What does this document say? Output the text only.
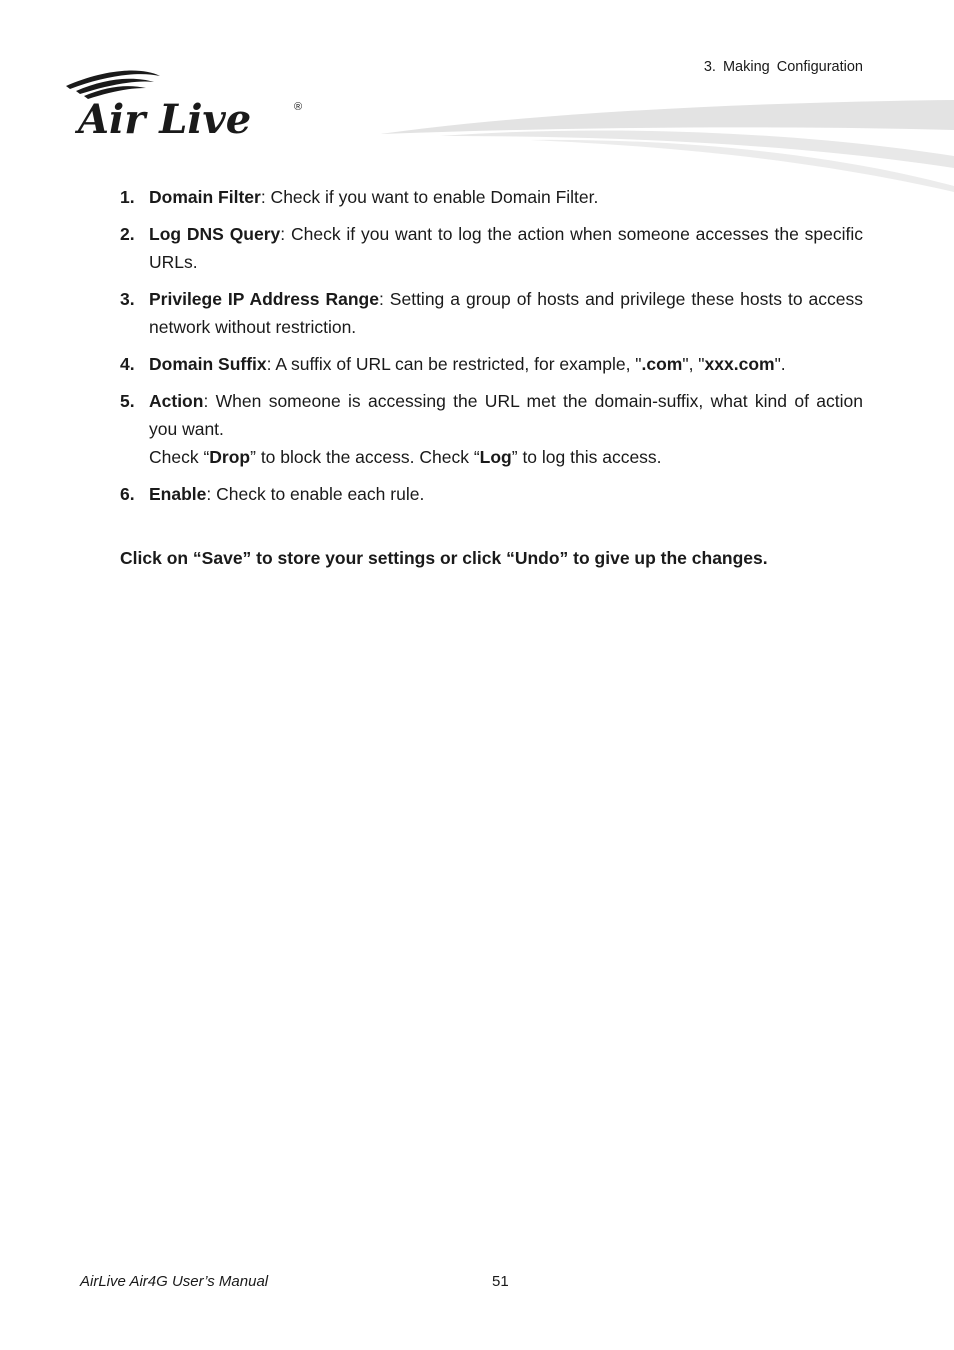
3. Making Configuration
Air Live	®
1. Domain Filter: Check if you want to enable Domain Filter.
2. Log DNS Query: Check if you want to log the action when someone accesses the specific URLs.
3. Privilege IP Address Range: Setting a group of hosts and privilege these hosts to access network without restriction.
4. Domain Suffix: A suffix of URL can be restricted, for example, ".com", "xxx.com".
5. Action: When someone is accessing the URL met the domain-suffix, what kind of action you want.
Check “Drop” to block the access. Check “Log” to log this access.
6. Enable: Check to enable each rule.
Click on “Save” to store your settings or click “Undo” to give up the changes.
AirLive Air4G User’s Manual	51
